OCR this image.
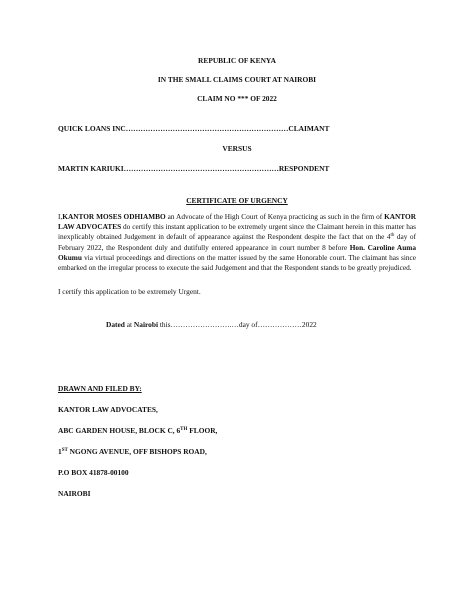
REPUBLIC OF KENYA
IN THE SMALL CLAIMS COURT AT NAIROBI
CLAIM NO *** OF 2022
QUICK LOANS INC…………………………………………………………CLAIMANT
VERSUS
MARTIN KARIUKI………………………………………………………RESPONDENT
CERTIFICATE OF URGENCY
I,KANTOR MOSES ODHIAMBO an Advocate of the High Court of Kenya practicing as such in the firm of KANTOR LAW ADVOCATES do certify this instant application to be extremely urgent since the Claimant herein in this matter has inexplicably obtained Judgement in default of appearance against the Respondent despite the fact that on the 4th day of February 2022, the Respondent duly and dutifully entered appearance in court number 8 before Hon. Caroline Auma Okumu via virtual proceedings and directions on the matter issued by the same Honorable court. The claimant has since embarked on the irregular process to execute the said Judgement and that the Respondent stands to be greatly prejudiced.
I certify this application to be extremely Urgent.
Dated at Nairobi this…………………….…day of………………2022
DRAWN AND FILED BY:
KANTOR LAW ADVOCATES,
ABC GARDEN HOUSE, BLOCK C, 6TH FLOOR,
1ST NGONG AVENUE, OFF BISHOPS ROAD,
P.O BOX 41878-00100
NAIROBI
